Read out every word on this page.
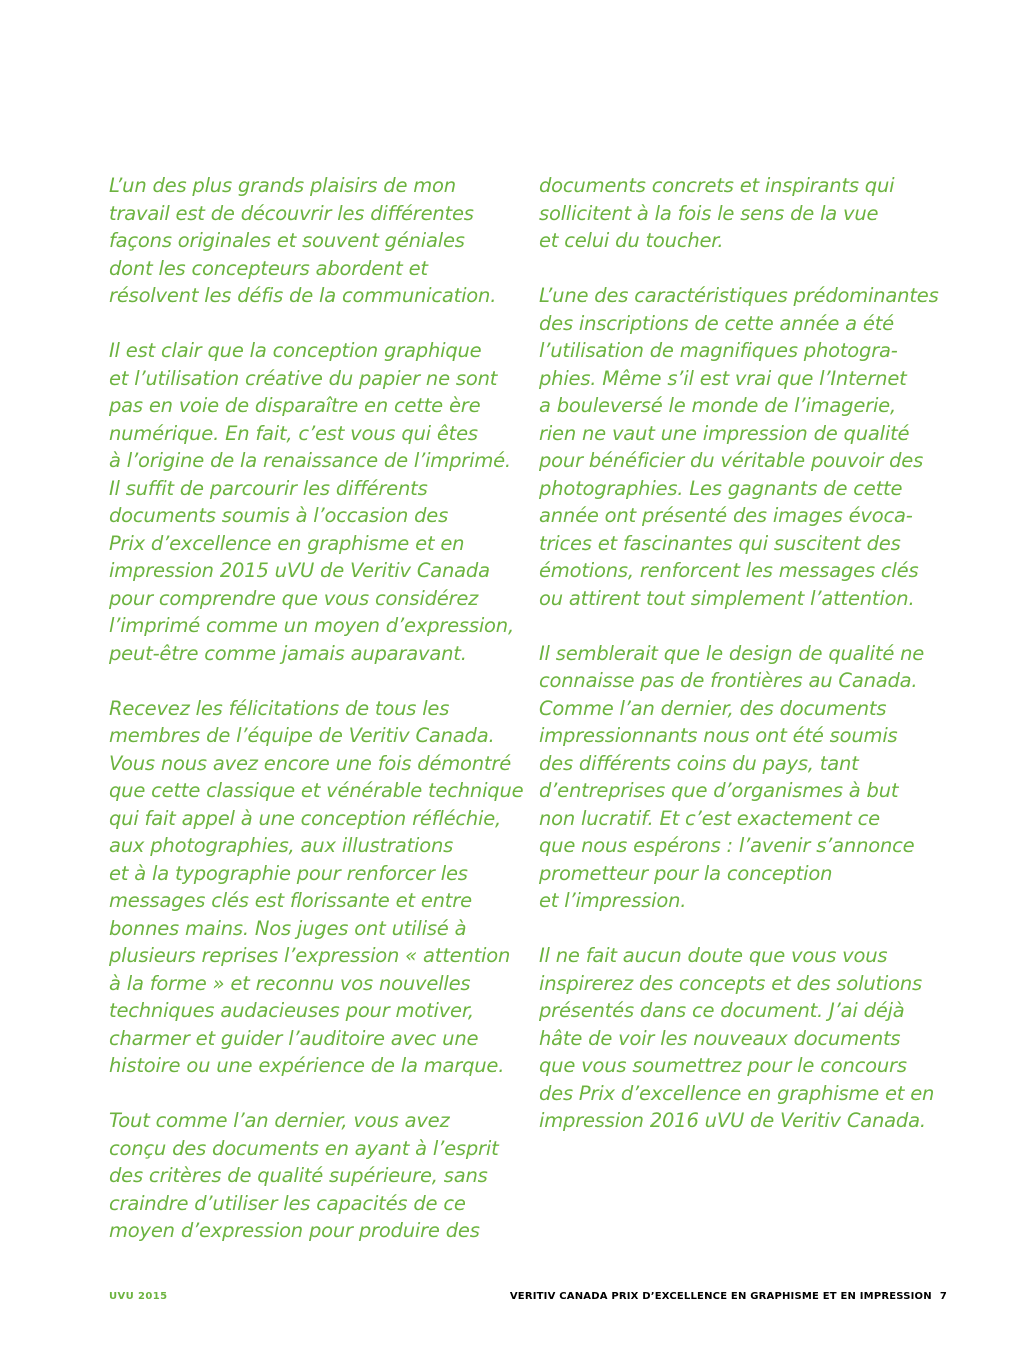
L’un des plus grands plaisirs de mon
travail est de découvrir les différentes
façons originales et souvent géniales
dont les concepteurs abordent et
résolvent les défis de la communication.

Il est clair que la conception graphique
et l’utilisation créative du papier ne sont
pas en voie de disparaître en cette ère
numérique. En fait, c’est vous qui êtes
à l’origine de la renaissance de l’imprimé.
Il suffit de parcourir les différents
documents soumis à l’occasion des
Prix d’excellence en graphisme et en
impression 2015 uVU de Veritiv Canada
pour comprendre que vous considérez
l’imprimé comme un moyen d’expression,
peut-être comme jamais auparavant.

Recevez les félicitations de tous les
membres de l’équipe de Veritiv Canada.
Vous nous avez encore une fois démontré
que cette classique et vénérable technique
qui fait appel à une conception réfléchie,
aux photographies, aux illustrations
et à la typographie pour renforcer les
messages clés est florissante et entre
bonnes mains. Nos juges ont utilisé à
plusieurs reprises l’expression « attention
à la forme » et reconnu vos nouvelles
techniques audacieuses pour motiver,
charmer et guider l’auditoire avec une
histoire ou une expérience de la marque.

Tout comme l’an dernier, vous avez
conçu des documents en ayant à l’esprit
des critères de qualité supérieure, sans
craindre d’utiliser les capacités de ce
moyen d’expression pour produire des

documents concrets et inspirants qui
sollicitent à la fois le sens de la vue
et celui du toucher.

L’une des caractéristiques prédominantes
des inscriptions de cette année a été
l’utilisation de magnifiques photogra-
phies. Même s’il est vrai que l’Internet
a bouleversé le monde de l’imagerie,
rien ne vaut une impression de qualité
pour bénéficier du véritable pouvoir des
photographies. Les gagnants de cette
année ont présenté des images évoca-
trices et fascinantes qui suscitent des
émotions, renforcent les messages clés
ou attirent tout simplement l’attention.

Il semblerait que le design de qualité ne
connaisse pas de frontières au Canada.
Comme l’an dernier, des documents
impressionnants nous ont été soumis
des différents coins du pays, tant
d’entreprises que d’organismes à but
non lucratif. Et c’est exactement ce
que nous espérons : l’avenir s’annonce
prometteur pour la conception
et l’impression.

Il ne fait aucun doute que vous vous
inspirerez des concepts et des solutions
présentés dans ce document. J’ai déjà
hâte de voir les nouveaux documents
que vous soumettrez pour le concours
des Prix d’excellence en graphisme et en
impression 2016 uVU de Veritiv Canada.

UVU 2015	VERITIV CANADA PRIX D’EXCELLENCE EN GRAPHISME ET EN IMPRESSION 7
